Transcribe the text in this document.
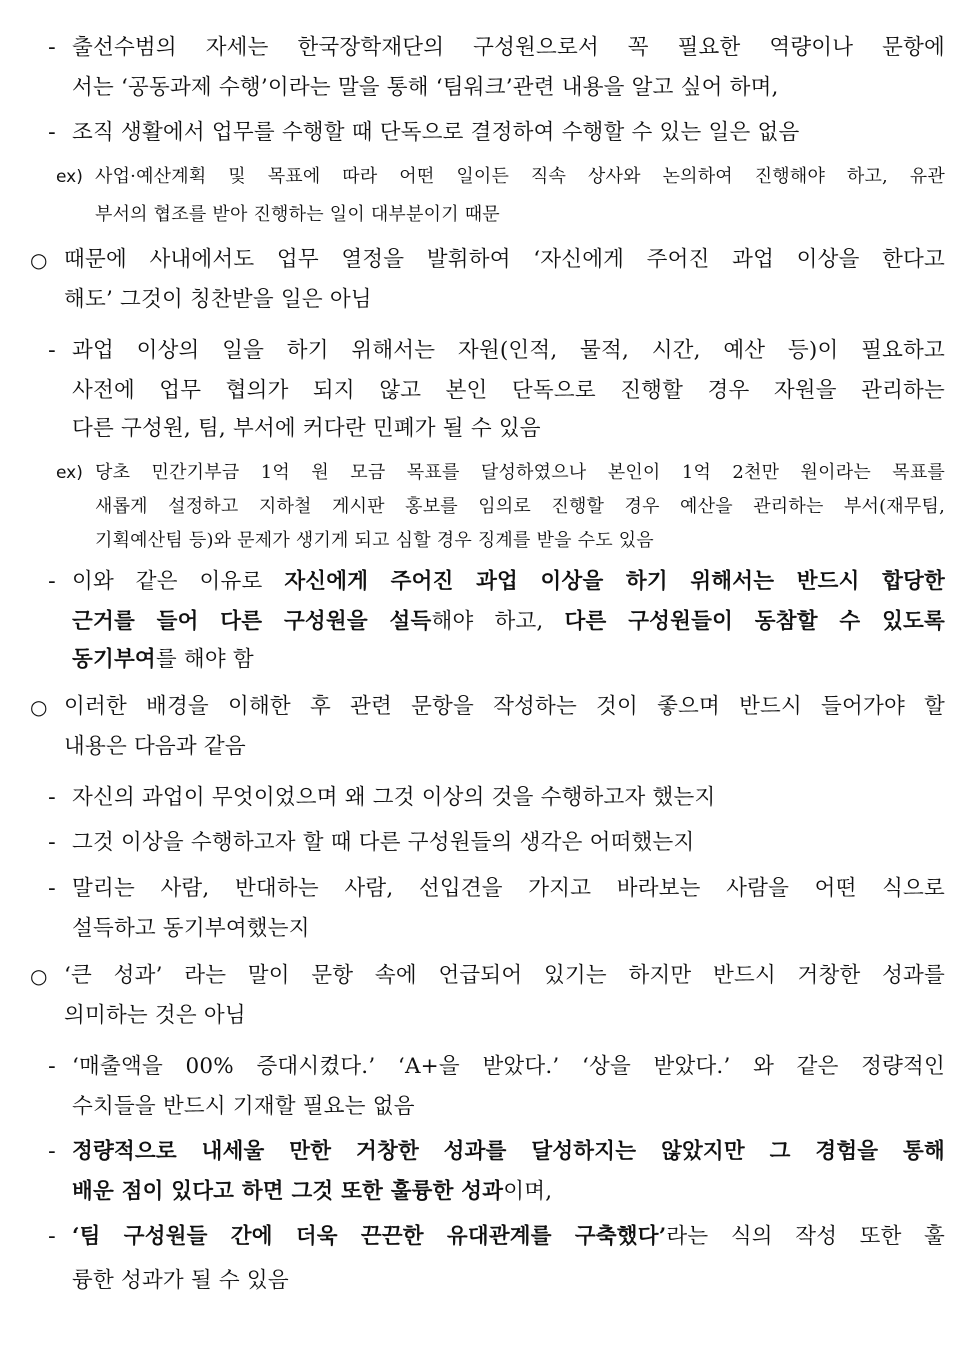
- 출선수범의 자세는 한국장학재단의 구성원으로서 꼭 필요한 역량이나 문항에
서는 ‘공동과제 수행’이라는 말을 통해 ‘팀워크’관련 내용을 알고 싶어 하며,
- 조직 생활에서 업무를 수행할 때 단독으로 결정하여 수행할 수 있는 일은 없음
ex) 사업·예산계획 및 목표에 따라 어떤 일이든 직속 상사와 논의하여 진행해야 하고, 유관
부서의 협조를 받아 진행하는 일이 대부분이기 때문
○ 때문에 사내에서도 업무 열정을 발휘하여 ‘자신에게 주어진 과업 이상을 한다고
해도’ 그것이 칭찬받을 일은 아님
- 과업 이상의 일을 하기 위해서는 자원(인적, 물적, 시간, 예산 등)이 필요하고
사전에 업무 협의가 되지 않고 본인 단독으로 진행할 경우 자원을 관리하는
다른 구성원, 팀, 부서에 커다란 민폐가 될 수 있음
ex) 당초 민간기부금 1억 원 모금 목표를 달성하였으나 본인이 1억 2천만 원이라는 목표를
새롭게 설정하고 지하철 게시판 홍보를 임의로 진행할 경우 예산을 관리하는 부서(재무팀,
기획예산팀 등)와 문제가 생기게 되고 심할 경우 징계를 받을 수도 있음
- 이와 같은 이유로 자신에게 주어진 과업 이상을 하기 위해서는 반드시 합당한
근거를 들어 다른 구성원을 설득해야 하고, 다른 구성원들이 동참할 수 있도록
동기부여를 해야 함
○ 이러한 배경을 이해한 후 관련 문항을 작성하는 것이 좋으며 반드시 들어가야 할
내용은 다음과 같음
- 자신의 과업이 무엇이었으며 왜 그것 이상의 것을 수행하고자 했는지
- 그것 이상을 수행하고자 할 때 다른 구성원들의 생각은 어떠했는지
- 말리는 사람, 반대하는 사람, 선입견을 가지고 바라보는 사람을 어떤 식으로
설득하고 동기부여했는지
○ ‘큰 성과’ 라는 말이 문항 속에 언급되어 있기는 하지만 반드시 거창한 성과를
의미하는 것은 아님
- ‘매출액을 00% 증대시켰다.’ ‘A+을 받았다.’ ‘상을 받았다.’ 와 같은 정량적인
수치들을 반드시 기재할 필요는 없음
- 정량적으로 내세울 만한 거창한 성과를 달성하지는 않았지만 그 경험을 통해
배운 점이 있다고 하면 그것 또한 훌륭한 성과이며,
- ‘팀 구성원들 간에 더욱 끈끈한 유대관계를 구축했다’라는 식의 작성 또한 훌
륭한 성과가 될 수 있음
